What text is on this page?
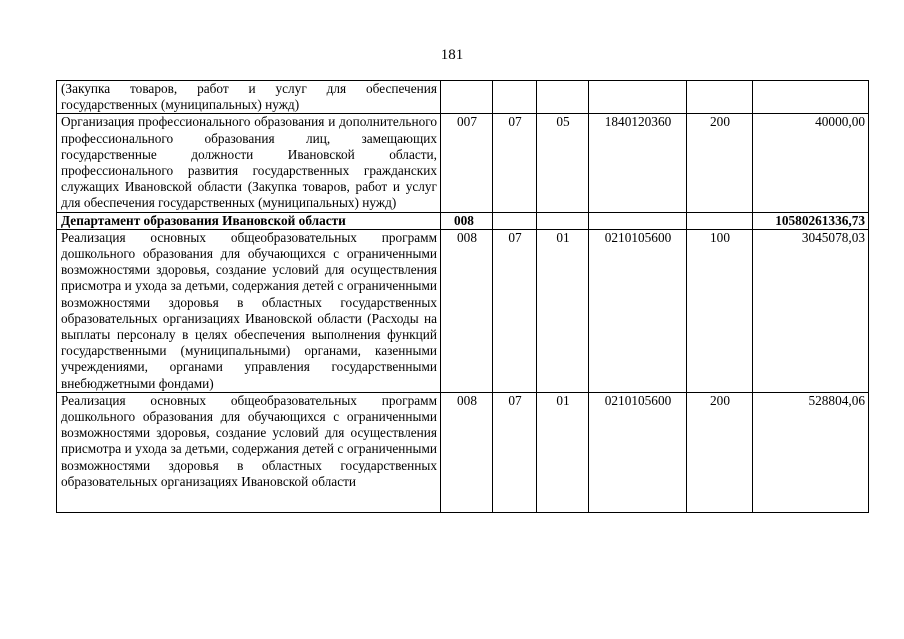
181
(Закупка товаров, работ и услуг для обеспечения государственных (муниципальных) нужд)						
Организация профессионального образования и дополнительного профессионального образования лиц, замещающих государственные должности Ивановской области, профессионального развития государственных гражданских служащих Ивановской области (Закупка товаров, работ и услуг для обеспечения государственных (муниципальных) нужд)	007	07	05	1840120360	200	40000,00
Департамент образования Ивановской области	008					10580261336,73
Реализация основных общеобразовательных программ дошкольного образования для обучающихся с ограниченными возможностями здоровья, создание условий для осуществления присмотра и ухода за детьми, содержания детей с ограниченными возможностями здоровья в областных государственных образовательных организациях Ивановской области (Расходы на выплаты персоналу в целях обеспечения выполнения функций государственными (муниципальными) органами, казенными учреждениями, органами управления государственными внебюджетными фондами)	008	07	01	0210105600	100	3045078,03
Реализация основных общеобразовательных программ дошкольного образования для обучающихся с ограниченными возможностями здоровья, создание условий для осуществления присмотра и ухода за детьми, содержания детей с ограниченными возможностями здоровья в областных государственных образовательных организациях Ивановской области	008	07	01	0210105600	200	528804,06
